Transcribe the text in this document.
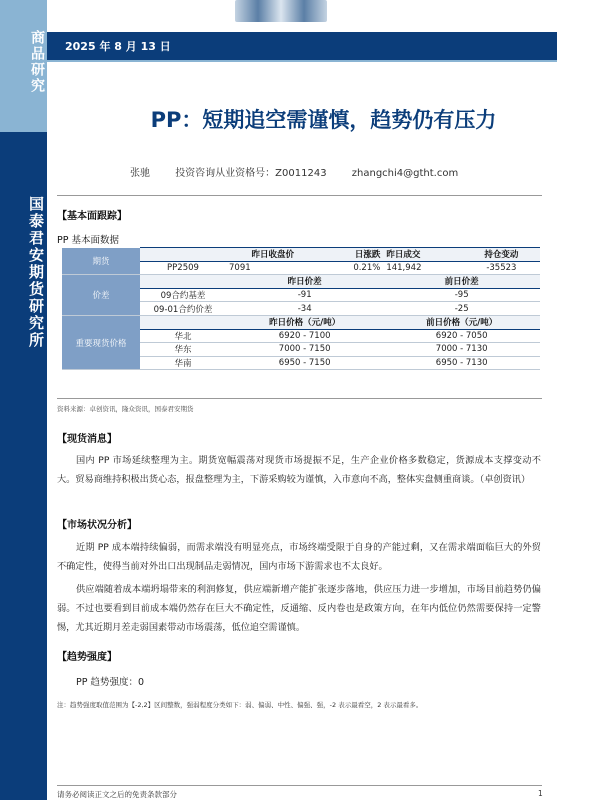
商品研究
国泰君安期货研究所
2025 年 8 月 13 日
PP：短期追空需谨慎，趋势仍有压力
张驰	投资咨询从业资格号：Z0011243	zhangchi4@gtht.com
【基本面跟踪】
PP 基本面数据
期货		昨日收盘价	日涨跌	昨日成交	持仓变动
	PP2509	7091	0.21%	141,942	-35523
价差		昨日价差		前日价差	
	09合约基差	-91		-95	
	09-01合约价差	-34		-25	
重要现货价格		昨日价格（元/吨）		前日价格（元/吨）	
	华北	6920 - 7100		6920 - 7050	
	华东	7000 - 7150		7000 - 7130	
	华南	6950 - 7150		6950 - 7130	
资料来源：卓创资讯，隆众资讯，国泰君安期货
【现货消息】
国内 PP 市场延续整理为主。期货宽幅震荡对现货市场提振不足，生产企业价格多数稳定，货源成本支撑变动不大。贸易商维持积极出货心态，报盘整理为主，下游采购较为谨慎，入市意向不高，整体实盘侧重商谈。（卓创资讯）
【市场状况分析】
近期 PP 成本端持续偏弱，而需求端没有明显亮点，市场终端受限于自身的产能过剩，又在需求端面临巨大的外贸不确定性，使得当前对外出口出现制品走弱情况，国内市场下游需求也不太良好。
供应端随着成本端坍塌带来的利润修复，供应端新增产能扩张逐步落地，供应压力进一步增加，市场目前趋势仍偏弱。不过也要看到目前成本端仍然存在巨大不确定性，反通缩、反内卷也是政策方向，在年内低位仍然需要保持一定警惕，尤其近期月差走弱国素带动市场震荡，低位追空需谨慎。
【趋势强度】
PP 趋势强度：0
注：趋势强度取值范围为【-2,2】区间整数，强弱程度分类如下：弱、偏弱、中性、偏强、强，-2 表示最看空，2 表示最看多。
请务必阅读正文之后的免责条款部分	1
